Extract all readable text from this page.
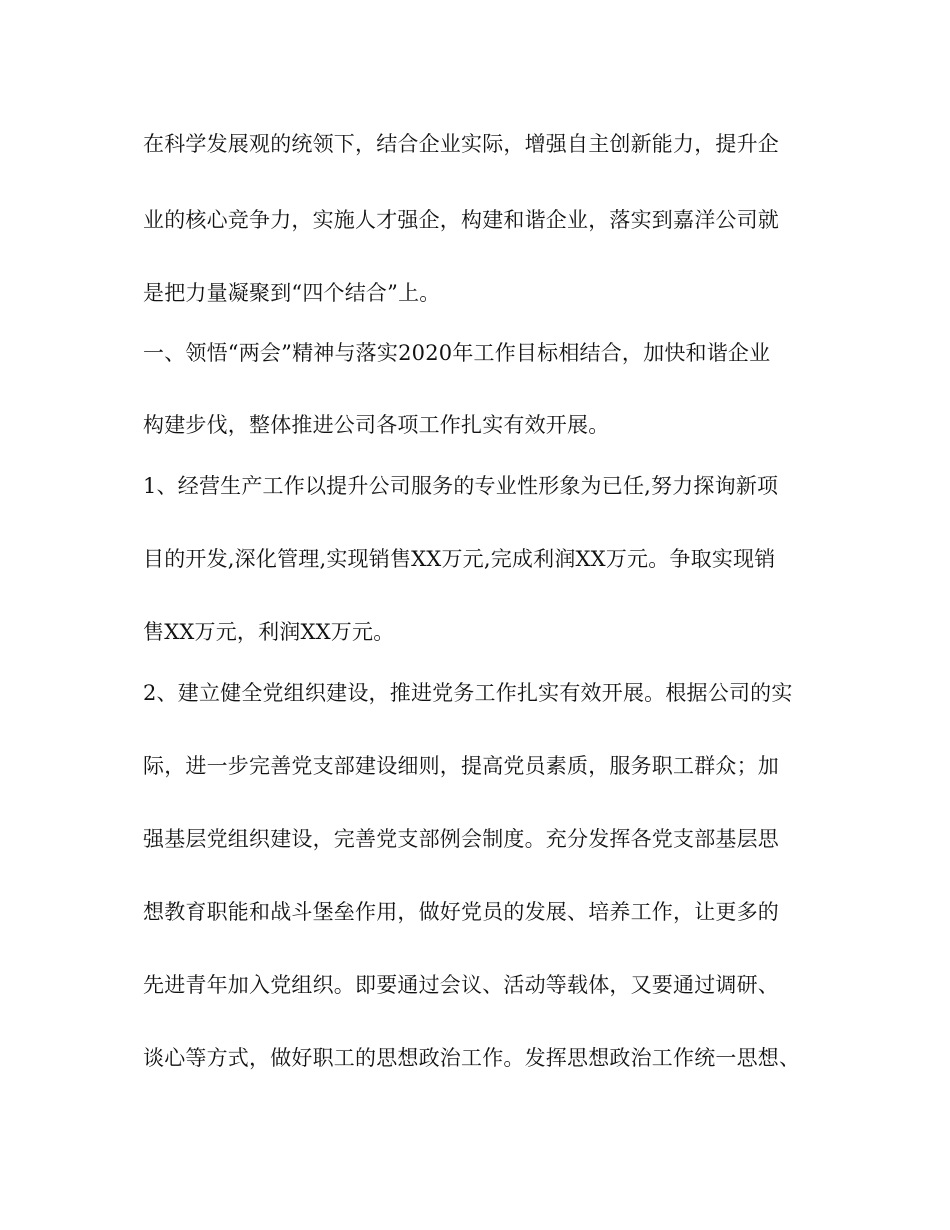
在科学发展观的统领下，结合企业实际，增强自主创新能力，提升企
业的核心竞争力，实施人才强企，构建和谐企业，落实到嘉洋公司就
是把力量凝聚到“四个结合”上。
一、领悟“两会”精神与落实2020年工作目标相结合，加快和谐企业
构建步伐，整体推进公司各项工作扎实有效开展。
1、经营生产工作以提升公司服务的专业性形象为已任,努力探询新项
目的开发,深化管理,实现销售XX万元,完成利润XX万元。争取实现销
售XX万元，利润XX万元。
2、建立健全党组织建设，推进党务工作扎实有效开展。根据公司的实
际，进一步完善党支部建设细则，提高党员素质，服务职工群众；加
强基层党组织建设，完善党支部例会制度。充分发挥各党支部基层思
想教育职能和战斗堡垒作用，做好党员的发展、培养工作，让更多的
先进青年加入党组织。即要通过会议、活动等载体，又要通过调研、
谈心等方式，做好职工的思想政治工作。发挥思想政治工作统一思想、
